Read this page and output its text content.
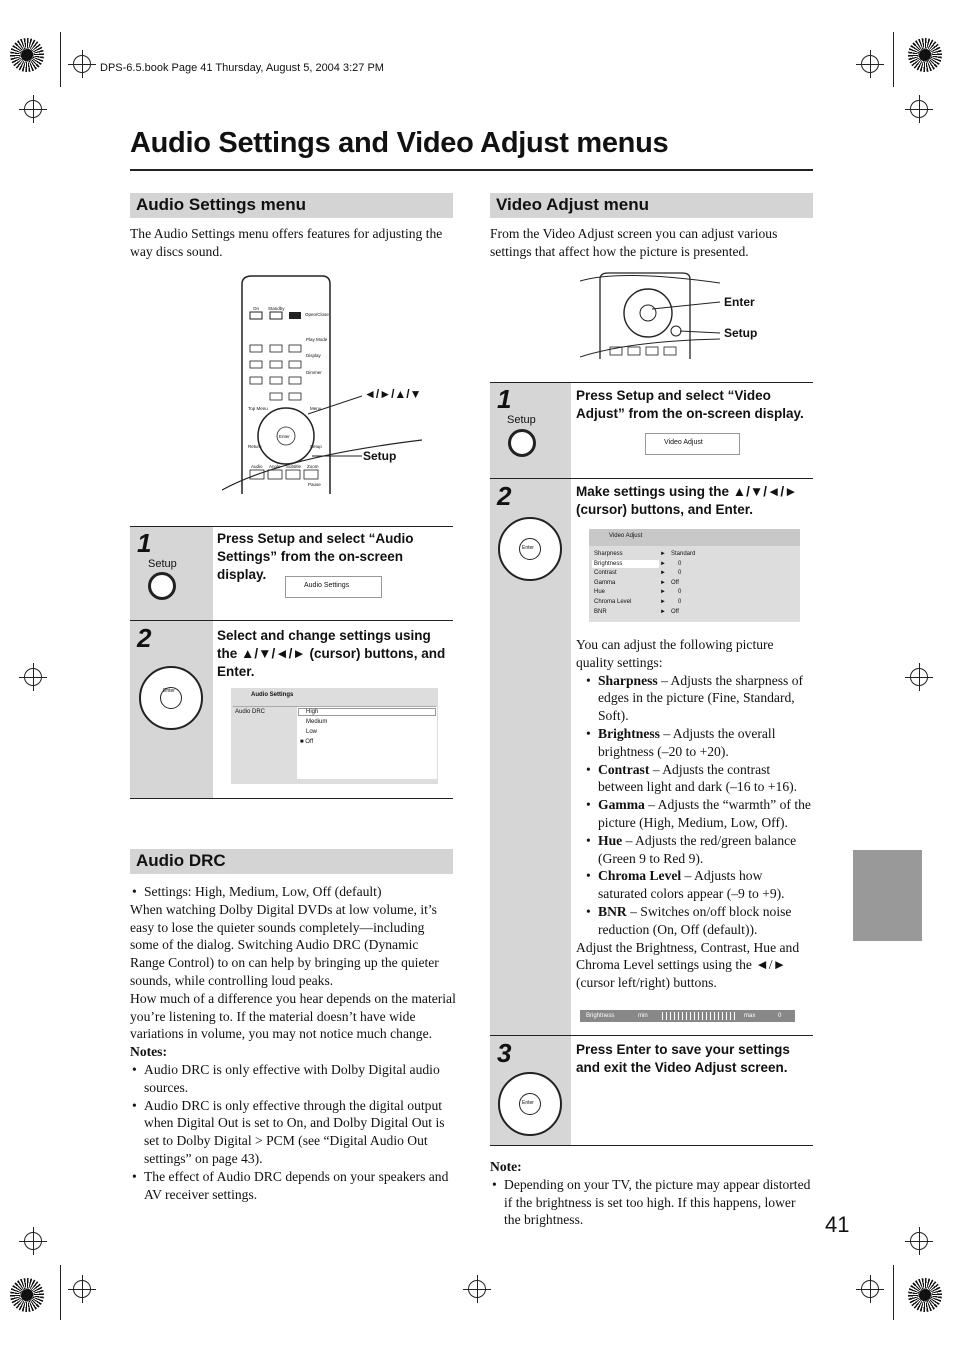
DPS-6.5.book Page 41 Thursday, August 5, 2004 3:27 PM
Audio Settings and Video Adjust menus
41
Audio Settings menu
The Audio Settings menu offers features for adjusting the way discs sound.
On Standby
Open/Close
Play Mode
Display
Dimmer
Top Menu	Menu
Return	Setup
Enter
Audio Angle Subtitle Zoom
Pause
◄/►/▲/▼
Setup
1
Setup
Press Setup and select “Audio Settings” from the on-screen display.
Audio Settings
2
Enter
Select and change settings using the ▲/▼/◄/► (cursor) buttons, and Enter.
Audio Settings
Audio DRC	High
Medium
Low
■ Off
Audio DRC
• Settings: High, Medium, Low, Off (default)
When watching Dolby Digital DVDs at low volume, it’s easy to lose the quieter sounds completely—including some of the dialog. Switching Audio DRC (Dynamic Range Control) to on can help by bringing up the quieter sounds, while controlling loud peaks.
How much of a difference you hear depends on the material you’re listening to. If the material doesn’t have wide variations in volume, you may not notice much change.
Notes:
• Audio DRC is only effective with Dolby Digital audio sources.
• Audio DRC is only effective through the digital output when Digital Out is set to On, and Dolby Digital Out is set to Dolby Digital > PCM (see “Digital Audio Out settings” on page 43).
• The effect of Audio DRC depends on your speakers and AV receiver settings.
Video Adjust menu
From the Video Adjust screen you can adjust various settings that affect how the picture is presented.
Enter
Setup
1
Setup
Press Setup and select “Video Adjust” from the on-screen display.
Video Adjust
2
Enter
Make settings using the ▲/▼/◄/► (cursor) buttons, and Enter.
Video Adjust
Sharpness	► Standard
Brightness	► 0
Contrast	► 0
Gamma	► Off
Hue	► 0
Chroma Level	► 0
BNR	► Off
You can adjust the following picture quality settings:
• Sharpness – Adjusts the sharpness of edges in the picture (Fine, Standard, Soft).
• Brightness – Adjusts the overall brightness (–20 to +20).
• Contrast – Adjusts the contrast between light and dark (–16 to +16).
• Gamma – Adjusts the “warmth” of the picture (High, Medium, Low, Off).
• Hue – Adjusts the red/green balance (Green 9 to Red 9).
• Chroma Level – Adjusts how saturated colors appear (–9 to +9).
• BNR – Switches on/off block noise reduction (On, Off (default)).
Adjust the Brightness, Contrast, Hue and Chroma Level settings using the ◄/► (cursor left/right) buttons.
Brightness	min	max	0
3
Enter
Press Enter to save your settings and exit the Video Adjust screen.
Note:
• Depending on your TV, the picture may appear distorted if the brightness is set too high. If this happens, lower the brightness.
